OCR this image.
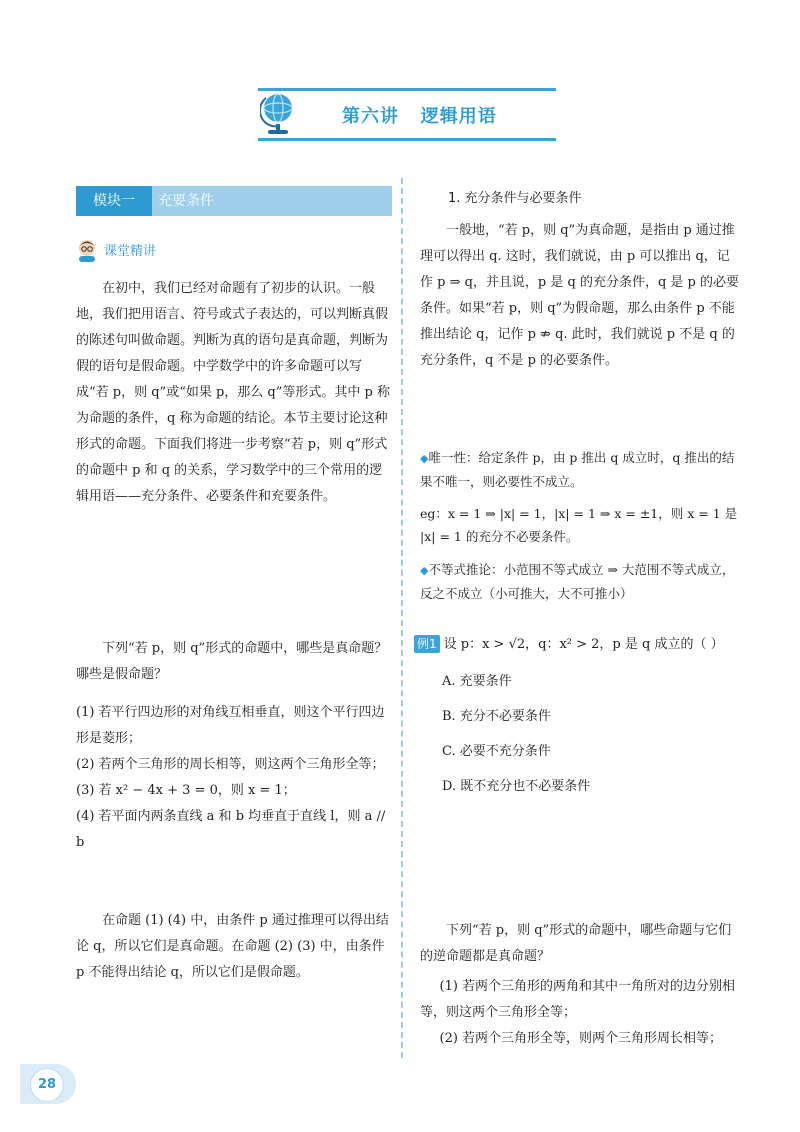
第六讲   逻辑用语
模块一	充要条件
课堂精讲
在初中，我们已经对命题有了初步的认识。一般地，我们把用语言、符号或式子表达的，可以判断真假的陈述句叫做命题。判断为真的语句是真命题，判断为假的语句是假命题。中学数学中的许多命题可以写成“若 p，则 q”或“如果 p，那么 q”等形式。其中 p 称为命题的条件，q 称为命题的结论。本节主要讨论这种形式的命题。下面我们将进一步考察“若 p，则 q”形式的命题中 p 和 q 的关系，学习数学中的三个常用的逻辑用语——充分条件、必要条件和充要条件。
下列“若 p，则 q”形式的命题中，哪些是真命题？哪些是假命题？
(1) 若平行四边形的对角线互相垂直，则这个平行四边形是菱形；
(2) 若两个三角形的周长相等，则这两个三角形全等；
(3) 若 x² − 4x + 3 = 0，则 x = 1；
(4) 若平面内两条直线 a 和 b 均垂直于直线 l，则 a // b
在命题 (1) (4) 中，由条件 p 通过推理可以得出结论 q，所以它们是真命题。在命题 (2) (3) 中，由条件 p 不能得出结论 q，所以它们是假命题。
1. 充分条件与必要条件
一般地，“若 p，则 q”为真命题，是指由 p 通过推理可以得出 q. 这时，我们就说，由 p 可以推出 q，记作 p ⇒ q，并且说，p 是 q 的充分条件，q 是 p 的必要条件。如果“若 p，则 q”为假命题，那么由条件 p 不能推出结论 q，记作 p ⇏ q. 此时，我们就说 p 不是 q 的充分条件，q 不是 p 的必要条件。
◆唯一性：给定条件 p，由 p 推出 q 成立时，q 推出的结果不唯一，则必要性不成立。
eg：x = 1 ⇒ |x| = 1，|x| = 1 ⇒ x = ±1，则 x = 1 是 |x| = 1 的充分不必要条件。
◆不等式推论：小范围不等式成立 ⇒ 大范围不等式成立，反之不成立（小可推大，大不可推小）
例1 设 p：x > √2，q：x² > 2，p 是 q 成立的（ ）
A. 充要条件
B. 充分不必要条件
C. 必要不充分条件
D. 既不充分也不必要条件
下列“若 p，则 q”形式的命题中，哪些命题与它们的逆命题都是真命题？
(1) 若两个三角形的两角和其中一角所对的边分别相等，则这两个三角形全等；
(2) 若两个三角形全等，则两个三角形周长相等；
28
